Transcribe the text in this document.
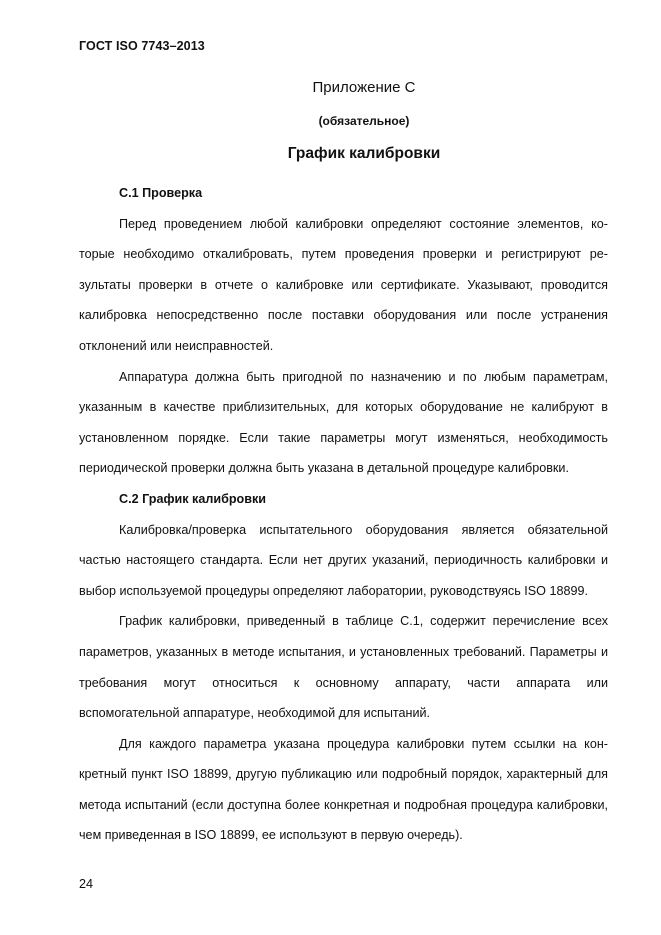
ГОСТ ISO 7743–2013
Приложение С
(обязательное)
График калибровки

С.1 Проверка

Перед проведением любой калибровки определяют состояние элементов, которые необходимо откалибровать, путем проведения проверки и регистрируют результаты проверки в отчете о калибровке или сертификате. Указывают, проводится калибровка непосредственно после поставки оборудования или после устранения отклонений или неисправностей.

Аппаратура должна быть пригодной по назначению и по любым параметрам, указанным в качестве приблизительных, для которых оборудование не калибруют в установленном порядке. Если такие параметры могут изменяться, необходимость периодической проверки должна быть указана в детальной процедуре калибровки.

С.2 График калибровки

Калибровка/проверка испытательного оборудования является обязательной частью настоящего стандарта. Если нет других указаний, периодичность калибровки и выбор используемой процедуры определяют лаборатории, руководствуясь ISO 18899.

График калибровки, приведенный в таблице С.1, содержит перечисление всех параметров, указанных в методе испытания, и установленных требований. Параметры и требования могут относиться к основному аппарату, части аппарата или вспомогательной аппаратуре, необходимой для испытаний.

Для каждого параметра указана процедура калибровки путем ссылки на конкретный пункт ISO 18899, другую публикацию или подробный порядок, характерный для метода испытаний (если доступна более конкретная и подробная процедура калибровки, чем приведенная в ISO 18899, ее используют в первую очередь).

24
